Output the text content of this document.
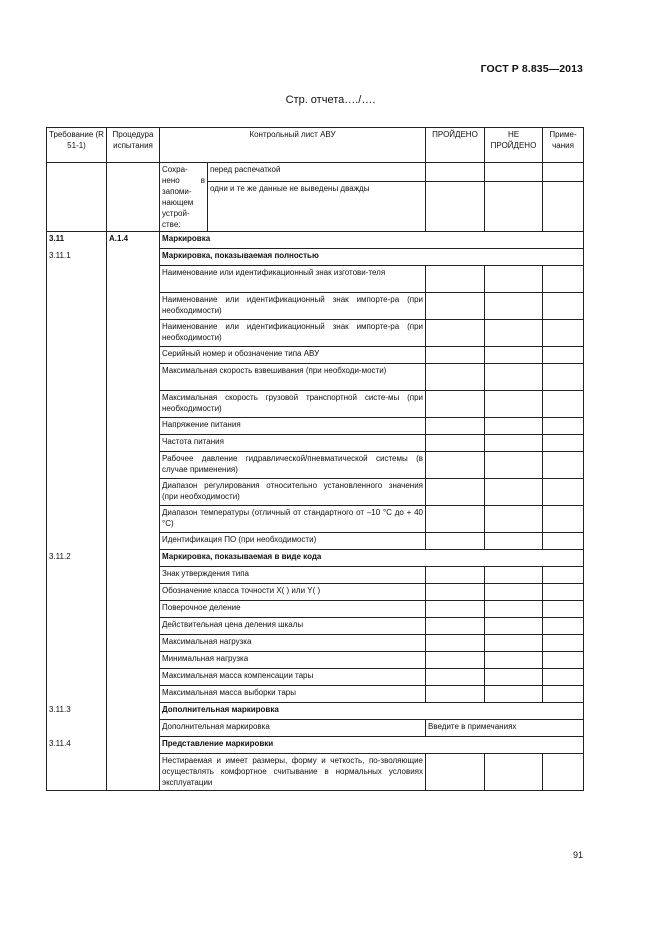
ГОСТ Р 8.835—2013
Стр. отчета…./….
Требование (R 51-1)	Процедура испытания	Контрольный лист АВУ		ПРОЙДЕНО	НЕ ПРОЙДЕНО	Приме-чания
		Сохра-нено в запоми-нающем устрой-стве:	перед распечаткой			
			одни и те же данные не выведены дважды			
3.11	А.1.4	Маркировка				
3.11.1		Маркировка, показываемая полностью				
		Наименование или идентификационный знак изготови-теля				
		Наименование или идентификационный знак импорте-ра (при необходимости)				
		Наименование или идентификационный знак импорте-ра (при необходимости)				
		Серийный номер и обозначение типа АВУ				
		Максимальная скорость взвешивания (при необходи-мости)				
		Максимальная скорость грузовой транспортной систе-мы (при необходимости)				
		Напряжение питания				
		Частота питания				
		Рабочее давление гидравлической/пневматической системы (в случае применения)				
		Диапазон регулирования относительно установленного значения (при необходимости)				
		Диапазон температуры (отличный от стандартного от –10 °С до + 40 °С)				
		Идентификация ПО (при необходимости)				
3.11.2		Маркировка, показываемая в виде кода				
		Знак утверждения типа				
		Обозначение класса точности X( ) или Y( )				
		Поверочное деление				
		Действительная цена деления шкалы				
		Максимальная нагрузка				
		Минимальная нагрузка				
		Максимальная масса компенсации тары				
		Максимальная масса выборки тары				
3.11.3		Дополнительная маркировка				
		Дополнительная маркировка		Введите в примечаниях		
3.11.4		Представление маркировки				
		Нестираемая и имеет размеры, форму и четкость, по-зволяющие осуществлять комфортное считывание в нормальных условиях эксплуатации				
91
